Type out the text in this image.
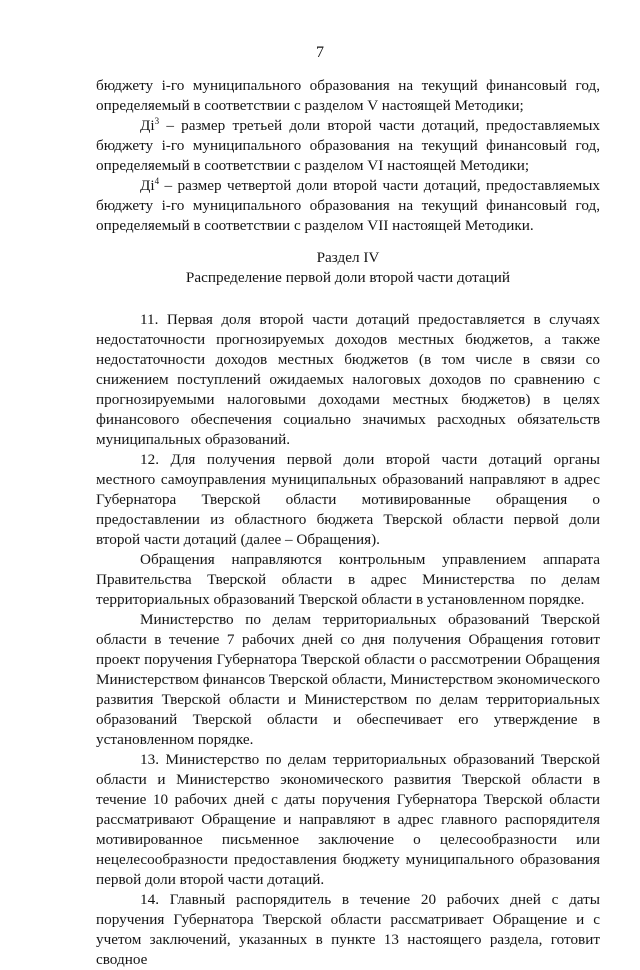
7

бюджету i-го муниципального образования на текущий финансовый год, определяемый в соответствии с разделом V настоящей Методики;

$Дi^3$ – размер третьей доли второй части дотаций, предоставляемых бюджету i-го муниципального образования на текущий финансовый год, определяемый в соответствии с разделом VI настоящей Методики;

$Дi^4$ – размер четвертой доли второй части дотаций, предоставляемых бюджету i-го муниципального образования на текущий финансовый год, определяемый в соответствии с разделом VII настоящей Методики.

Раздел IV

Распределение первой доли второй части дотаций

11. Первая доля второй части дотаций предоставляется в случаях недостаточности прогнозируемых доходов местных бюджетов, а также недостаточности доходов местных бюджетов (в том числе в связи со снижением поступлений ожидаемых налоговых доходов по сравнению с прогнозируемыми налоговыми доходами местных бюджетов) в целях финансового обеспечения социально значимых расходных обязательств муниципальных образований.

12. Для получения первой доли второй части дотаций органы местного самоуправления муниципальных образований направляют в адрес Губернатора Тверской области мотивированные обращения о предоставлении из областного бюджета Тверской области первой доли второй части дотаций (далее – Обращения).

Обращения направляются контрольным управлением аппарата Правительства Тверской области в адрес Министерства по делам территориальных образований Тверской области в установленном порядке.

Министерство по делам территориальных образований Тверской области в течение 7 рабочих дней со дня получения Обращения готовит проект поручения Губернатора Тверской области о рассмотрении Обращения Министерством финансов Тверской области, Министерством экономического развития Тверской области и Министерством по делам территориальных образований Тверской области и обеспечивает его утверждение в установленном порядке.

13. Министерство по делам территориальных образований Тверской области и Министерство экономического развития Тверской области в течение 10 рабочих дней с даты поручения Губернатора Тверской области рассматривают Обращение и направляют в адрес главного распорядителя мотивированное письменное заключение о целесообразности или нецелесообразности предоставления бюджету муниципального образования первой доли второй части дотаций.

14. Главный распорядитель в течение 20 рабочих дней с даты поручения Губернатора Тверской области рассматривает Обращение и с учетом заключений, указанных в пункте 13 настоящего раздела, готовит сводное
